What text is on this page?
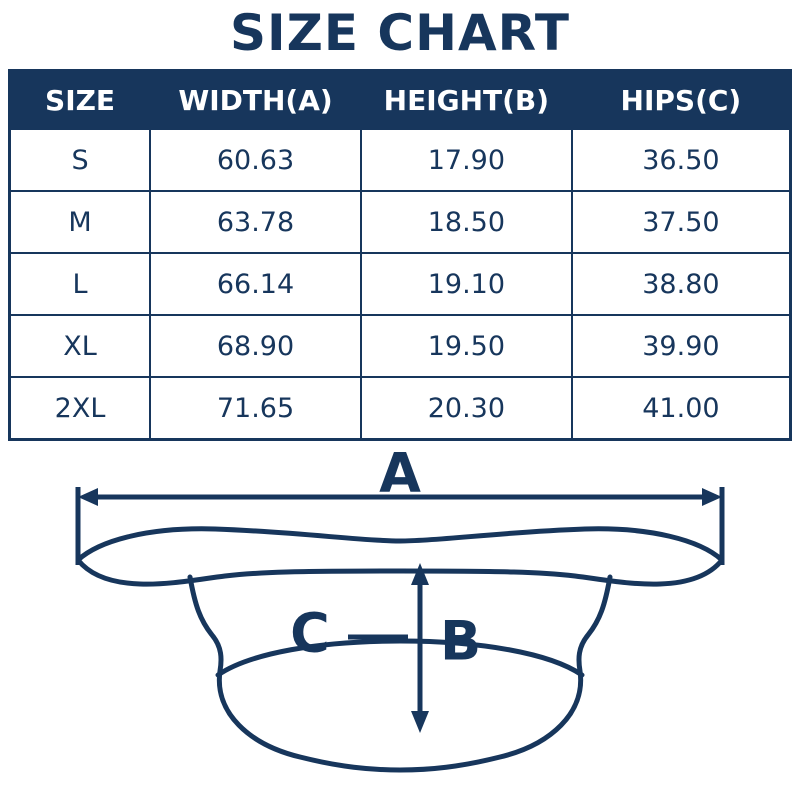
SIZE CHART
SIZE	WIDTH(A)	HEIGHT(B)	HIPS(C)
S	60.63	17.90	36.50
M	63.78	18.50	37.50
L	66.14	19.10	38.80
XL	68.90	19.50	39.90
2XL	71.65	20.30	41.00
A
B
C
